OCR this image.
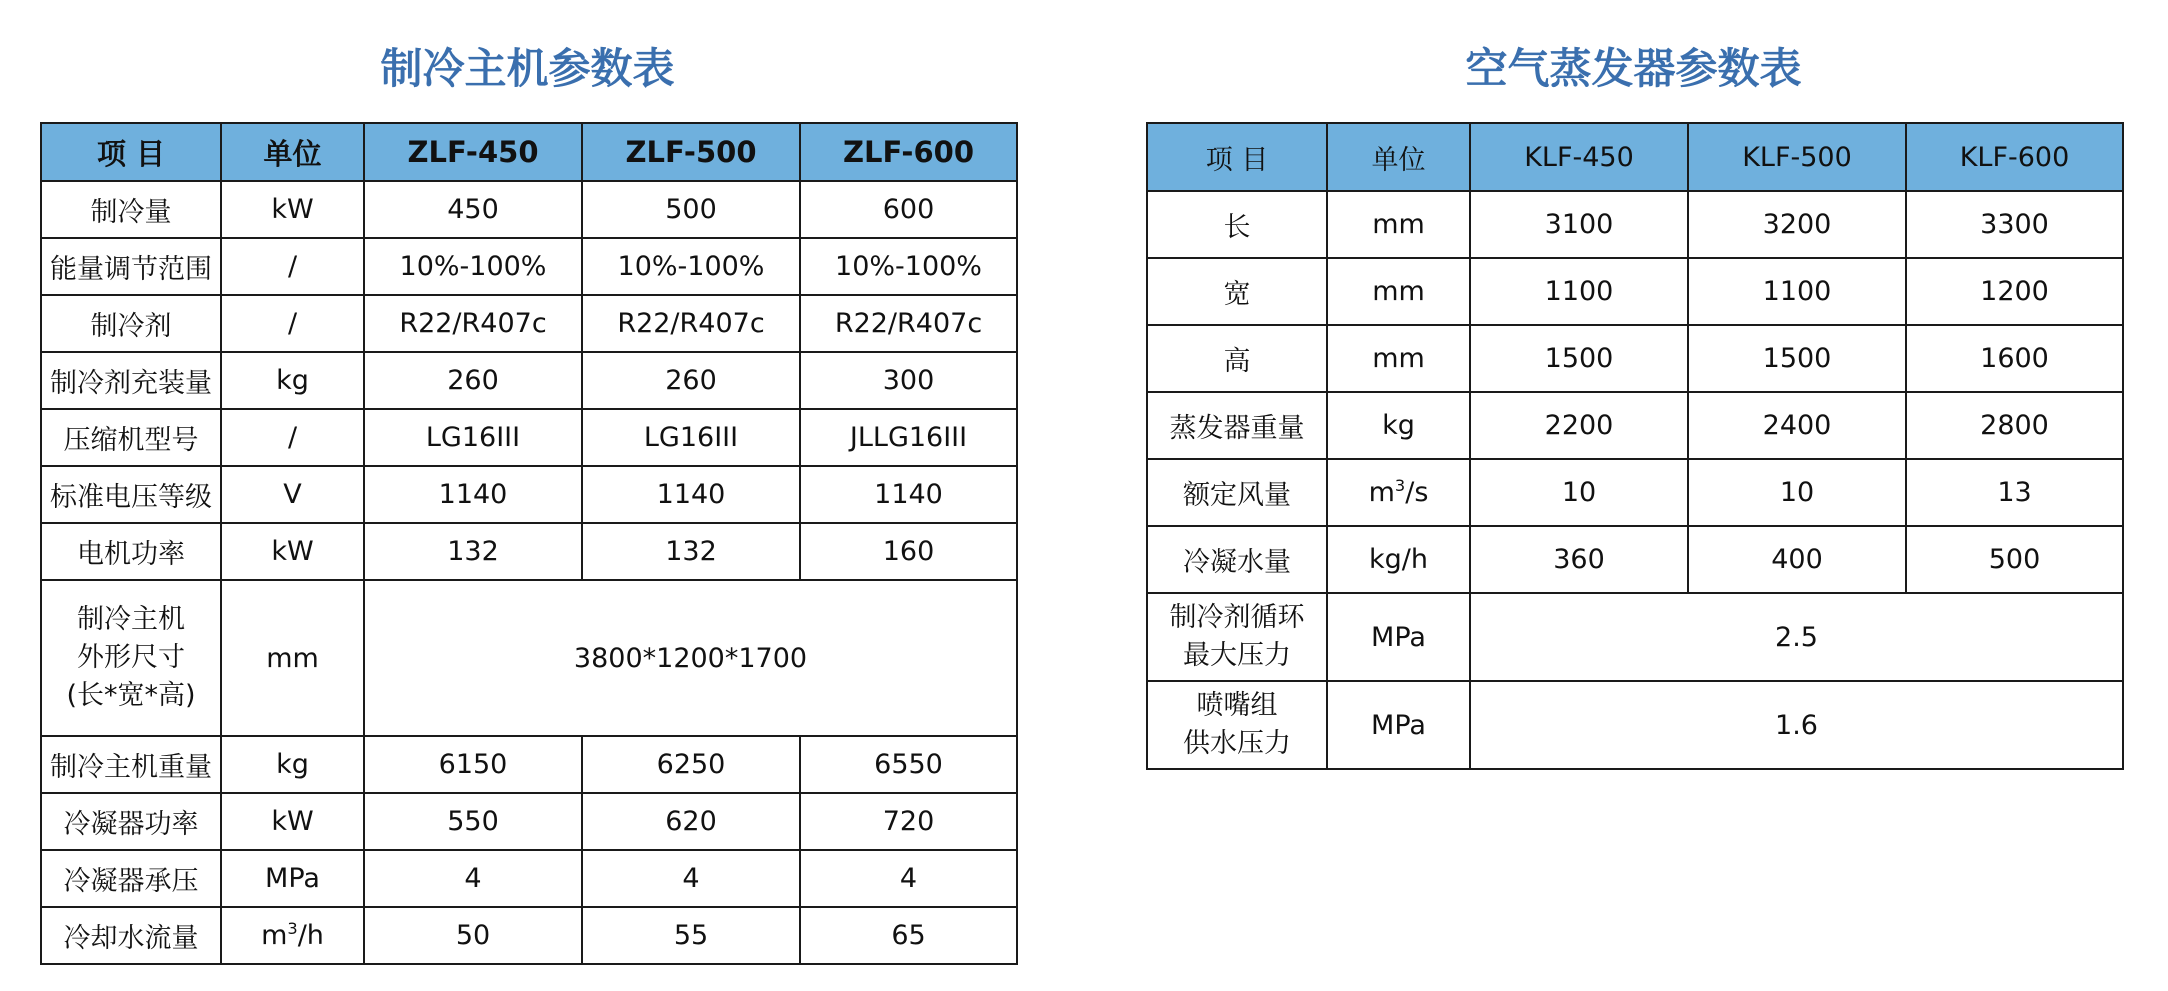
制冷主机参数表	空气蒸发器参数表
项 目	单位	ZLF-450	ZLF-500	ZLF-600
制冷量	kW	450	500	600
能量调节范围	/	10%-100%	10%-100%	10%-100%
制冷剂	/	R22/R407c	R22/R407c	R22/R407c
制冷剂充装量	kg	260	260	300
压缩机型号	/	LG16III	LG16III	JLLG16III
标准电压等级	V	1140	1140	1140
电机功率	kW	132	132	160
制冷主机
外形尺寸
(长*宽*高)	mm	3800*1200*1700		
制冷主机重量	kg	6150	6250	6550
冷凝器功率	kW	550	620	720
冷凝器承压	MPa	4	4	4
冷却水流量	$m^3/h$	50	55	65
项 目	单位	KLF-450	KLF-500	KLF-600
长	mm	3100	3200	3300
宽	mm	1100	1100	1200
高	mm	1500	1500	1600
蒸发器重量	kg	2200	2400	2800
额定风量	$m^3/s$	10	10	13
冷凝水量	kg/h	360	400	500
制冷剂循环
最大压力	MPa	2.5		
喷嘴组
供水压力	MPa	1.6		
